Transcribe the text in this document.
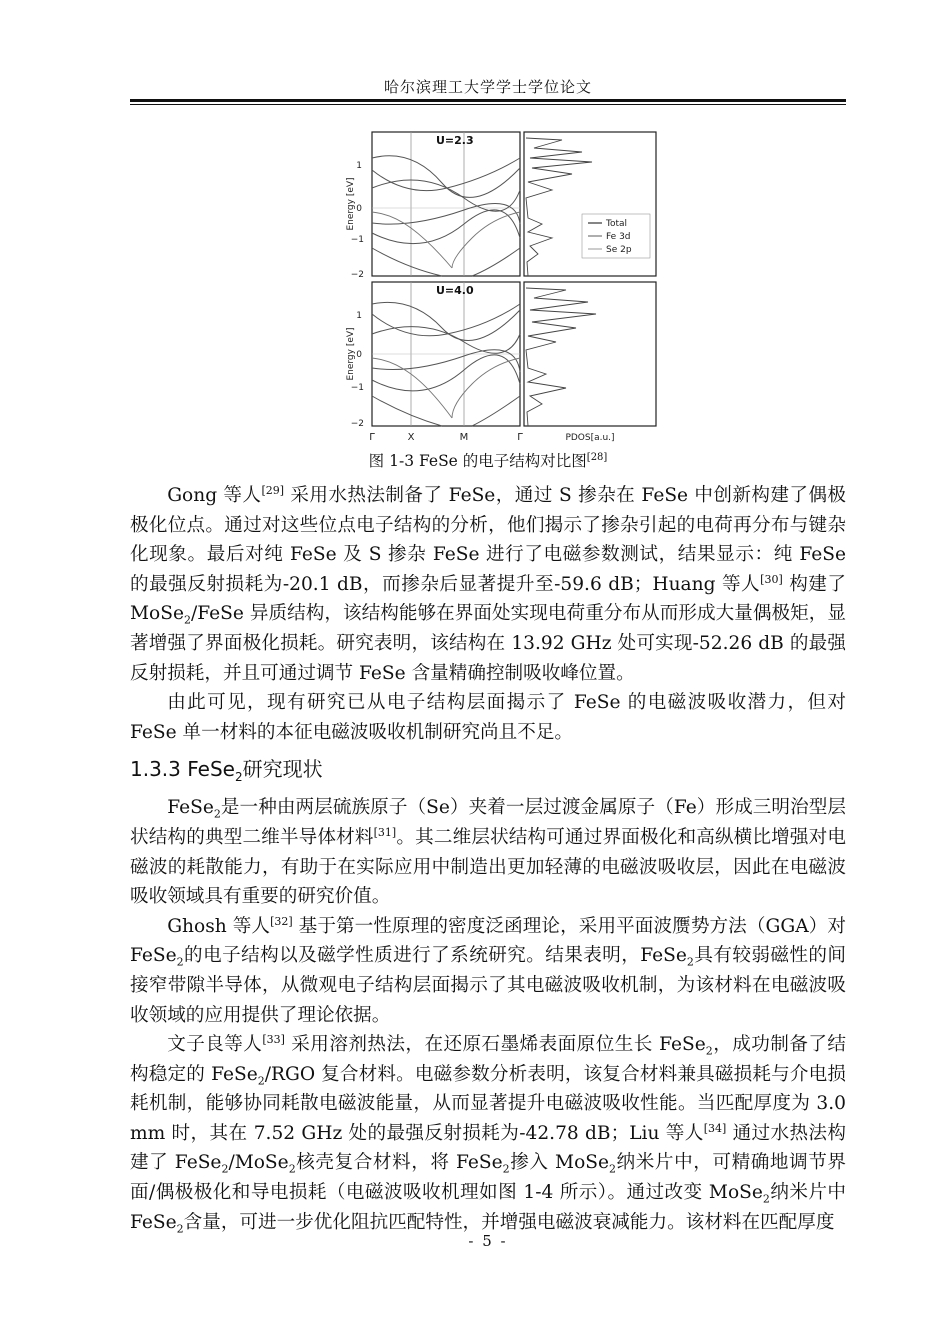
哈尔滨理工大学学士学位论文
Total
Fe 3d
Se 2p
U=2.3
1
0
−1
−2
Energy [eV]
U=4.0
1
0
−1
−2
Energy [eV]
Γ	X	M	Γ	PDOS[a.u.]
图 1-3 FeSe 的电子结构对比图[28]

Gong 等人[29] 采用水热法制备了 FeSe，通过 S 掺杂在 FeSe 中创新构建了偶极极化位点。通过对这些位点电子结构的分析，他们揭示了掺杂引起的电荷再分布与键杂化现象。最后对纯 FeSe 及 S 掺杂 FeSe 进行了电磁参数测试，结果显示：纯 FeSe 的最强反射损耗为-20.1 dB，而掺杂后显著提升至-59.6 dB；Huang 等人[30] 构建了 MoSe$_2$/FeSe 异质结构，该结构能够在界面处实现电荷重分布从而形成大量偶极矩，显著增强了界面极化损耗。研究表明，该结构在 13.92 GHz 处可实现-52.26 dB 的最强反射损耗，并且可通过调节 FeSe 含量精确控制吸收峰位置。

由此可见，现有研究已从电子结构层面揭示了 FeSe 的电磁波吸收潜力，但对 FeSe 单一材料的本征电磁波吸收机制研究尚且不足。

1.3.3 FeSe$_2$研究现状

FeSe$_2$是一种由两层硫族原子（Se）夹着一层过渡金属原子（Fe）形成三明治型层状结构的典型二维半导体材料[31]。其二维层状结构可通过界面极化和高纵横比增强对电磁波的耗散能力，有助于在实际应用中制造出更加轻薄的电磁波吸收层，因此在电磁波吸收领域具有重要的研究价值。

Ghosh 等人[32] 基于第一性原理的密度泛函理论，采用平面波赝势方法（GGA）对 FeSe$_2$的电子结构以及磁学性质进行了系统研究。结果表明，FeSe$_2$具有较弱磁性的间接窄带隙半导体，从微观电子结构层面揭示了其电磁波吸收机制，为该材料在电磁波吸收领域的应用提供了理论依据。

文子良等人[33] 采用溶剂热法，在还原石墨烯表面原位生长 FeSe$_2$，成功制备了结构稳定的 FeSe$_2$/RGO 复合材料。电磁参数分析表明，该复合材料兼具磁损耗与介电损耗机制，能够协同耗散电磁波能量，从而显著提升电磁波吸收性能。当匹配厚度为 3.0 mm 时，其在 7.52 GHz 处的最强反射损耗为-42.78 dB；Liu 等人[34] 通过水热法构建了 FeSe$_2$/MoSe$_2$核壳复合材料，将 FeSe$_2$掺入 MoSe$_2$纳米片中，可精确地调节界面/偶极极化和导电损耗（电磁波吸收机理如图 1-4 所示）。通过改变 MoSe$_2$纳米片中 FeSe$_2$含量，可进一步优化阻抗匹配特性，并增强电磁波衰减能力。该材料在匹配厚度

- 5 -
